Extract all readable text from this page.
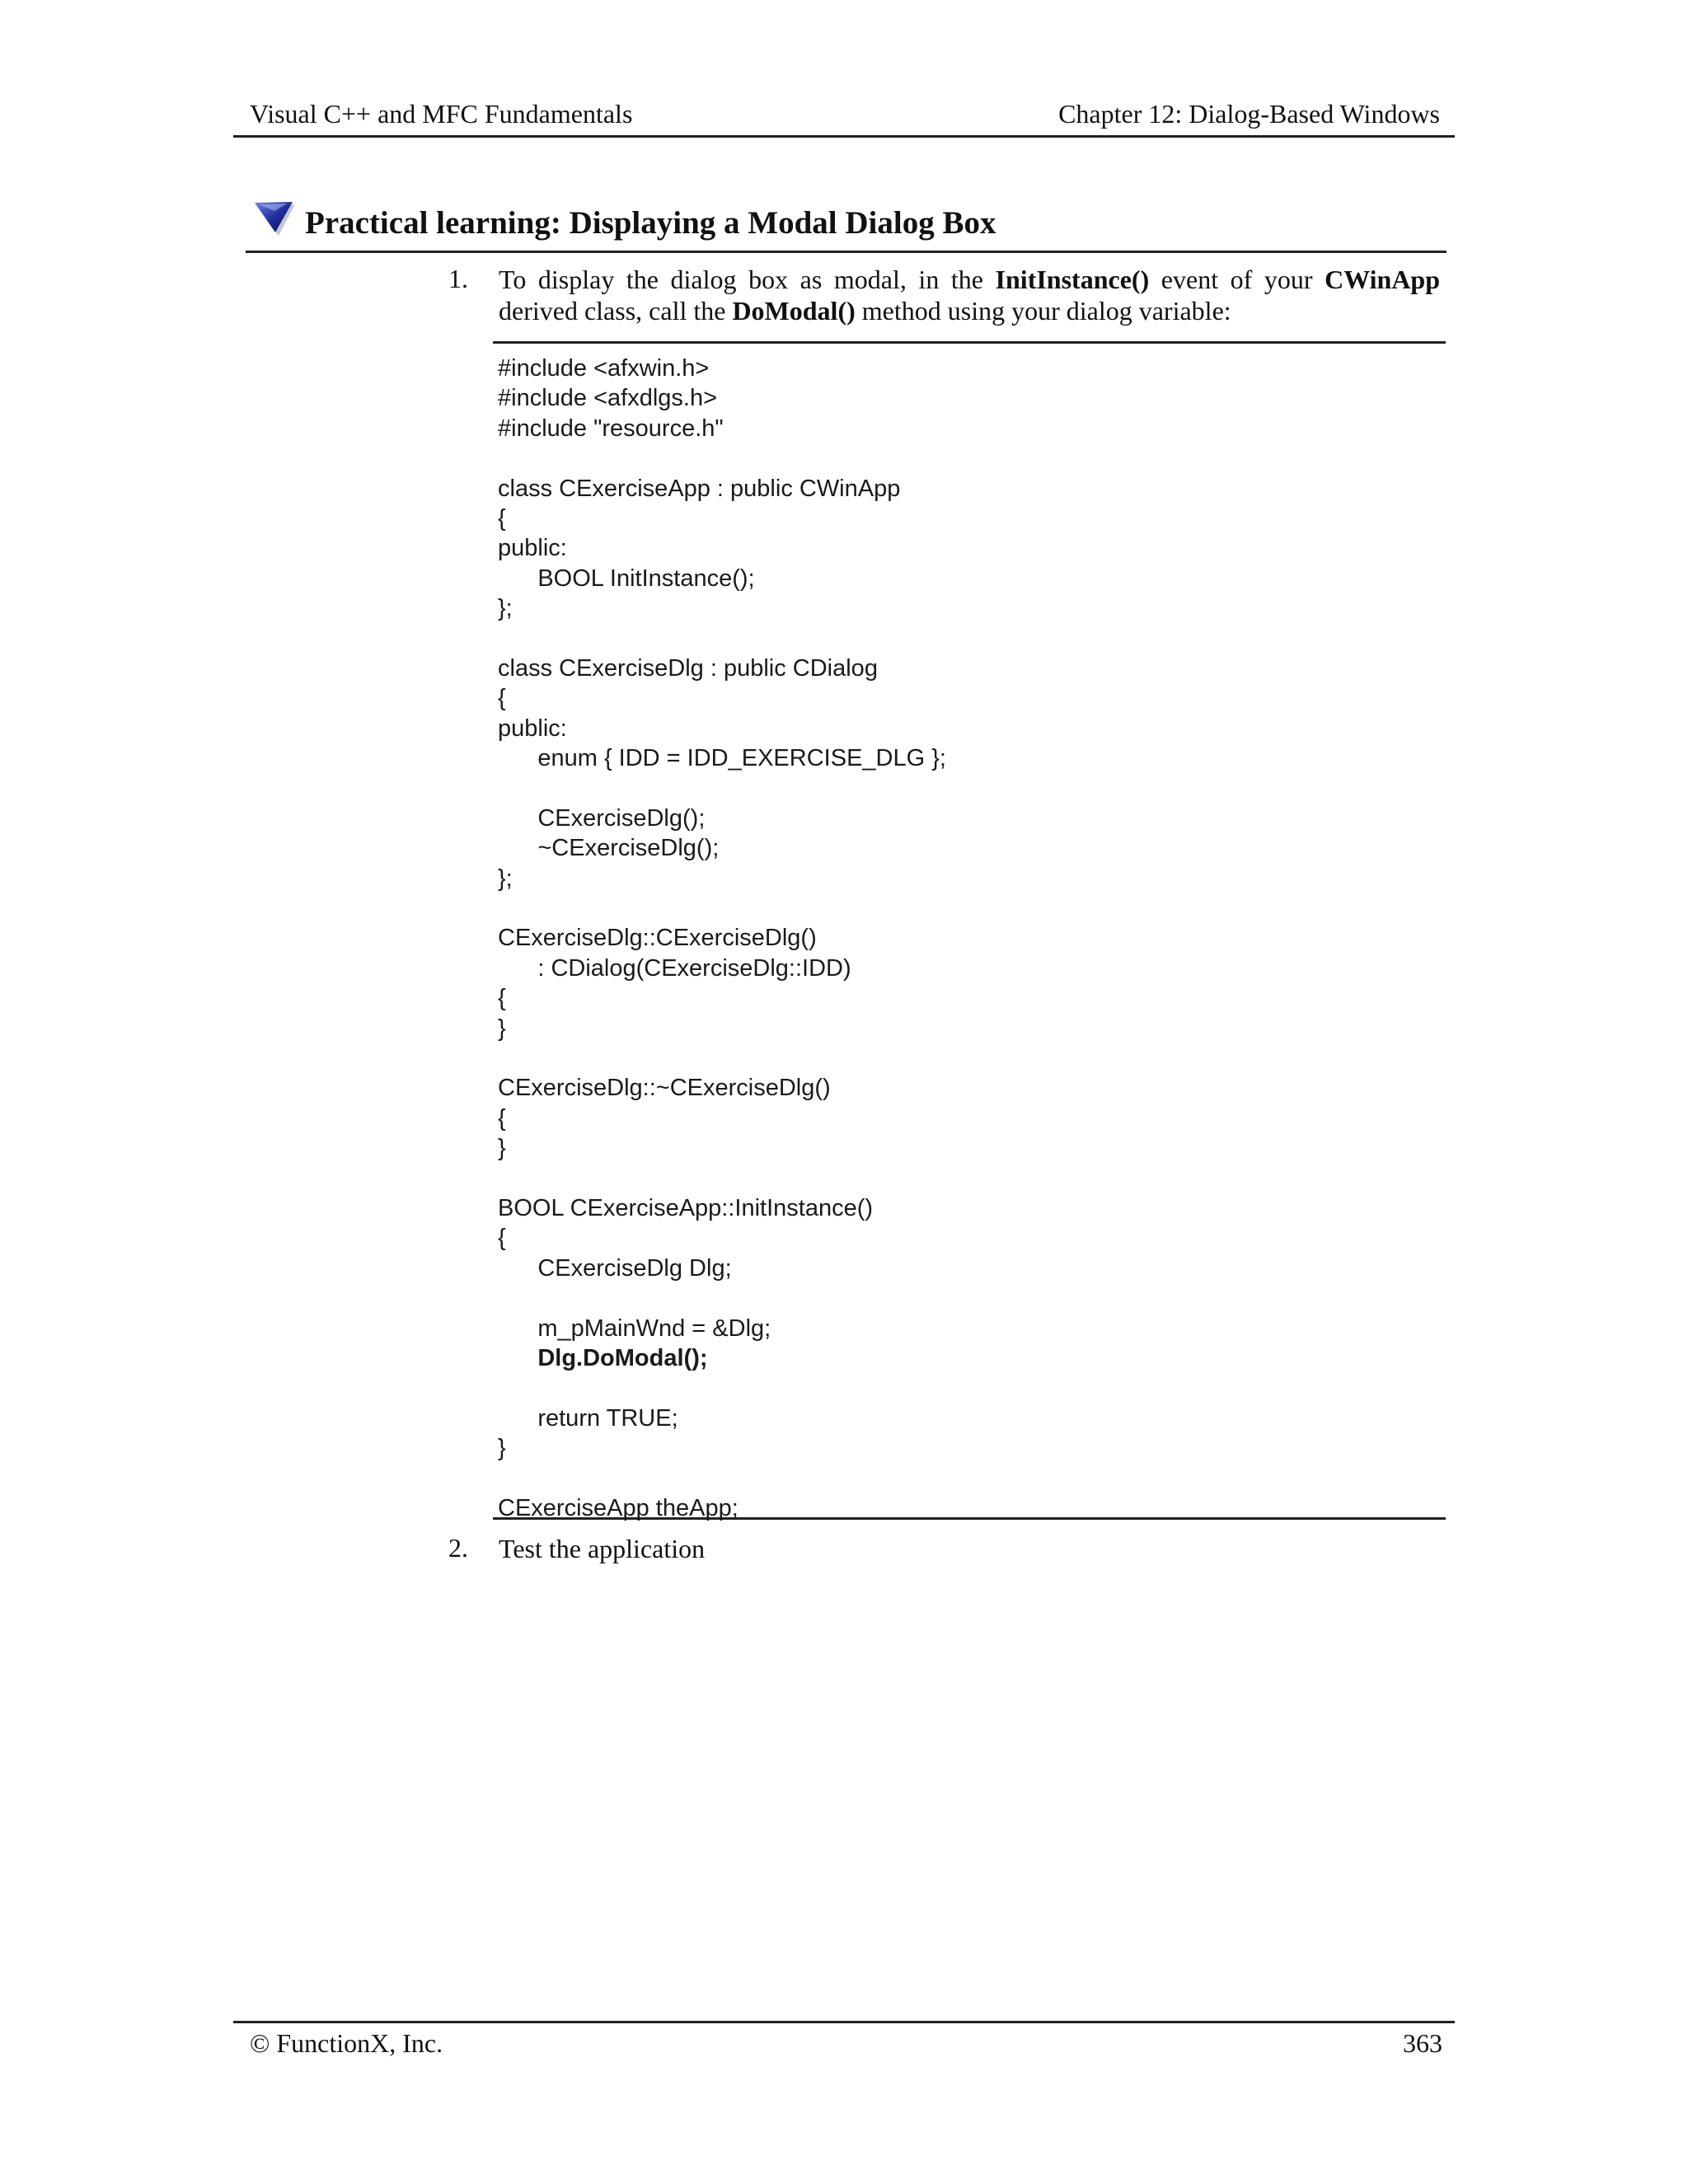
Visual C++ and MFC Fundamentals	Chapter 12: Dialog-Based Windows
Practical learning: Displaying a Modal Dialog Box
1. To display the dialog box as modal, in the InitInstance() event of your CWinApp derived class, call the DoModal() method using your dialog variable:
#include <afxwin.h>
#include <afxdlgs.h>
#include "resource.h"
class CExerciseApp : public CWinApp
{
public:
BOOL InitInstance();
};
class CExerciseDlg : public CDialog
{
public:
enum { IDD = IDD_EXERCISE_DLG };
CExerciseDlg();
~CExerciseDlg();
};
CExerciseDlg::CExerciseDlg()
: CDialog(CExerciseDlg::IDD)
{
}
CExerciseDlg::~CExerciseDlg()
{
}
BOOL CExerciseApp::InitInstance()
{
CExerciseDlg Dlg;
m_pMainWnd = &Dlg;
Dlg.DoModal();
return TRUE;
}
CExerciseApp theApp;
2. Test the application
© FunctionX, Inc.	363
